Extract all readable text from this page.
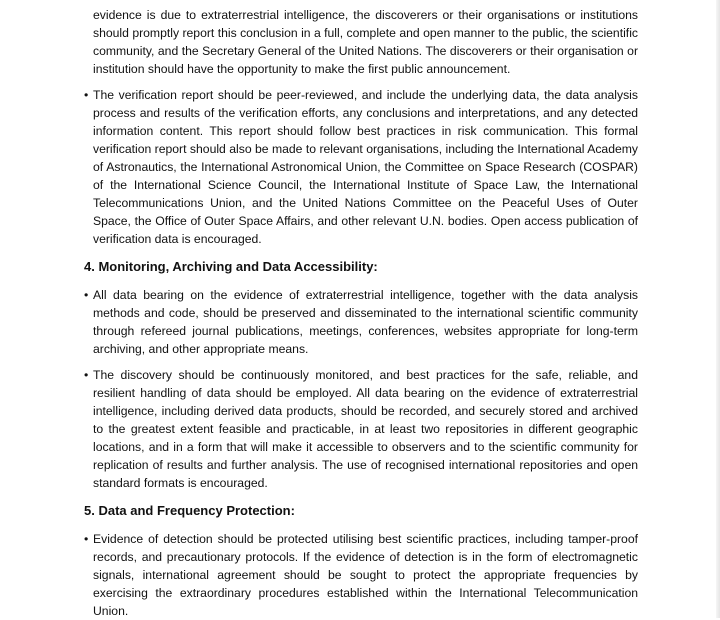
evidence is due to extraterrestrial intelligence, the discoverers or their organisations or institutions should promptly report this conclusion in a full, complete and open manner to the public, the scientific community, and the Secretary General of the United Nations. The discoverers or their organisation or institution should have the opportunity to make the first public announcement.

• The verification report should be peer-reviewed, and include the underlying data, the data analysis process and results of the verification efforts, any conclusions and interpretations, and any detected information content. This report should follow best practices in risk communication. This formal verification report should also be made to relevant organisations, including the International Academy of Astronautics, the International Astronomical Union, the Committee on Space Research (COSPAR) of the International Science Council, the International Institute of Space Law, the International Telecommunications Union, and the United Nations Committee on the Peaceful Uses of Outer Space, the Office of Outer Space Affairs, and other relevant U.N. bodies. Open access publication of verification data is encouraged.

4. Monitoring, Archiving and Data Accessibility:
• All data bearing on the evidence of extraterrestrial intelligence, together with the data analysis methods and code, should be preserved and disseminated to the international scientific community through refereed journal publications, meetings, conferences, websites appropriate for long-term archiving, and other appropriate means.

• The discovery should be continuously monitored, and best practices for the safe, reliable, and resilient handling of data should be employed. All data bearing on the evidence of extraterrestrial intelligence, including derived data products, should be recorded, and securely stored and archived to the greatest extent feasible and practicable, in at least two repositories in different geographic locations, and in a form that will make it accessible to observers and to the scientific community for replication of results and further analysis. The use of recognised international repositories and open standard formats is encouraged.

5. Data and Frequency Protection:
• Evidence of detection should be protected utilising best scientific practices, including tamper-proof records, and precautionary protocols. If the evidence of detection is in the form of electromagnetic signals, international agreement should be sought to protect the appropriate frequencies by exercising the extraordinary procedures established within the International Telecommunication Union.
